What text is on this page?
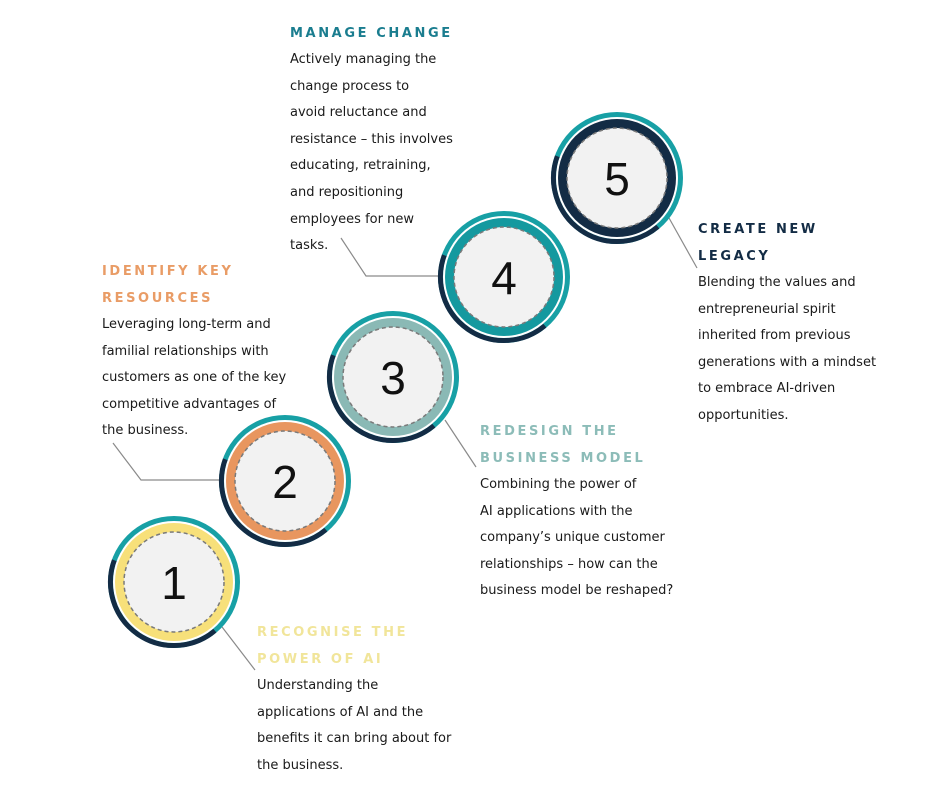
1
2
3
4
5

RECOGNISE THE
POWER OF AI

Understanding the
applications of AI and the
benefits it can bring about for
the business.

IDENTIFY KEY
RESOURCES

Leveraging long-term and
familial relationships with
customers as one of the key
competitive advantages of
the business.	REDESIGN THE
BUSINESS MODEL

Combining the power of
AI applications with the
company’s unique customer
relationships – how can the
business model be reshaped?

MANAGE CHANGE

Actively managing the
change process to
avoid reluctance and
resistance – this involves
educating, retraining,
and repositioning
employees for new
tasks.

CREATE NEW
LEGACY

Blending the values and
entrepreneurial spirit
inherited from previous
generations with a mindset
to embrace AI-driven
opportunities.
